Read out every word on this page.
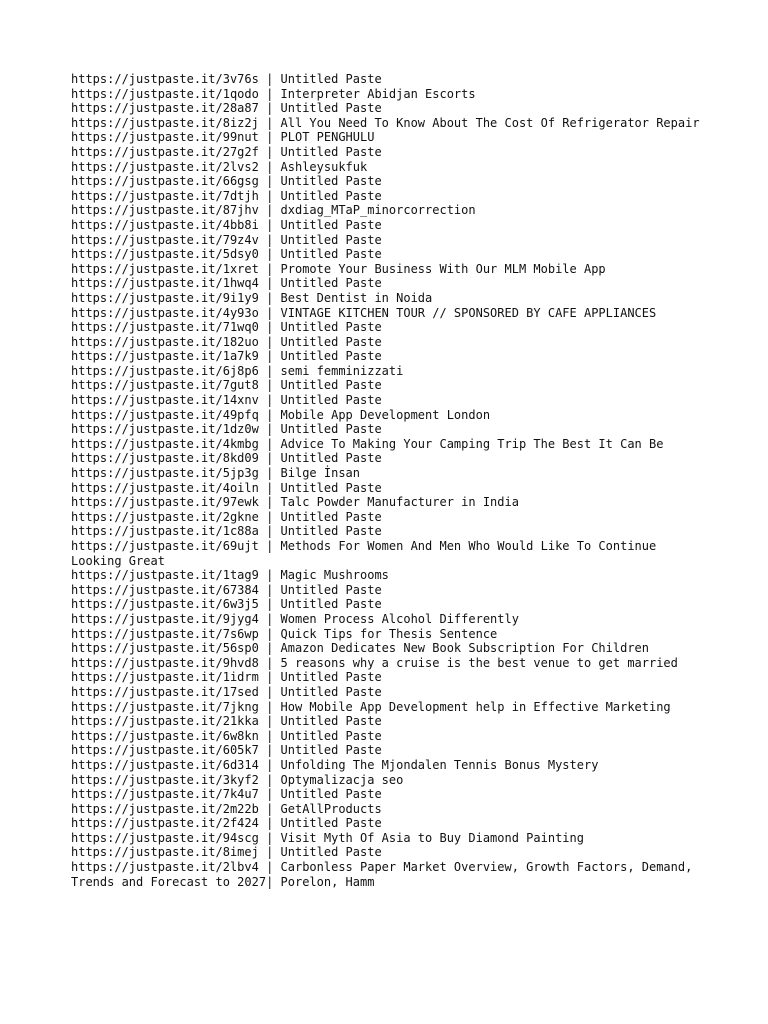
https://justpaste.it/3v76s | Untitled Paste
https://justpaste.it/1qodo | Interpreter Abidjan Escorts
https://justpaste.it/28a87 | Untitled Paste
https://justpaste.it/8iz2j | All You Need To Know About The Cost Of Refrigerator Repair
https://justpaste.it/99nut | PLOT PENGHULU
https://justpaste.it/27g2f | Untitled Paste
https://justpaste.it/2lvs2 | Ashleysukfuk
https://justpaste.it/66gsg | Untitled Paste
https://justpaste.it/7dtjh | Untitled Paste
https://justpaste.it/87jhv | dxdiag_MTaP_minorcorrection
https://justpaste.it/4bb8i | Untitled Paste
https://justpaste.it/79z4v | Untitled Paste
https://justpaste.it/5dsy0 | Untitled Paste
https://justpaste.it/1xret | Promote Your Business With Our MLM Mobile App
https://justpaste.it/1hwq4 | Untitled Paste
https://justpaste.it/9i1y9 | Best Dentist in Noida
https://justpaste.it/4y93o | VINTAGE KITCHEN TOUR // SPONSORED BY CAFE APPLIANCES
https://justpaste.it/71wq0 | Untitled Paste
https://justpaste.it/182uo | Untitled Paste
https://justpaste.it/1a7k9 | Untitled Paste
https://justpaste.it/6j8p6 | semi femminizzati
https://justpaste.it/7gut8 | Untitled Paste
https://justpaste.it/14xnv | Untitled Paste
https://justpaste.it/49pfq | Mobile App Development London
https://justpaste.it/1dz0w | Untitled Paste
https://justpaste.it/4kmbg | Advice To Making Your Camping Trip The Best It Can Be
https://justpaste.it/8kd09 | Untitled Paste
https://justpaste.it/5jp3g | Bilge İnsan
https://justpaste.it/4oiln | Untitled Paste
https://justpaste.it/97ewk | Talc Powder Manufacturer in India
https://justpaste.it/2gkne | Untitled Paste
https://justpaste.it/1c88a | Untitled Paste
https://justpaste.it/69ujt | Methods For Women And Men Who Would Like To Continue Looking Great
https://justpaste.it/1tag9 | Magic Mushrooms
https://justpaste.it/67384 | Untitled Paste
https://justpaste.it/6w3j5 | Untitled Paste
https://justpaste.it/9jyg4 | Women Process Alcohol Differently
https://justpaste.it/7s6wp | Quick Tips for Thesis Sentence
https://justpaste.it/56sp0 | Amazon Dedicates New Book Subscription For Children
https://justpaste.it/9hvd8 | 5 reasons why a cruise is the best venue to get married
https://justpaste.it/1idrm | Untitled Paste
https://justpaste.it/17sed | Untitled Paste
https://justpaste.it/7jkng | How Mobile App Development help in Effective Marketing
https://justpaste.it/21kka | Untitled Paste
https://justpaste.it/6w8kn | Untitled Paste
https://justpaste.it/605k7 | Untitled Paste
https://justpaste.it/6d314 | Unfolding The Mjondalen Tennis Bonus Mystery
https://justpaste.it/3kyf2 | Optymalizacja seo
https://justpaste.it/7k4u7 | Untitled Paste
https://justpaste.it/2m22b | GetAllProducts
https://justpaste.it/2f424 | Untitled Paste
https://justpaste.it/94scg | Visit Myth Of Asia to Buy Diamond Painting
https://justpaste.it/8imej | Untitled Paste
https://justpaste.it/2lbv4 | Carbonless Paper Market Overview, Growth Factors, Demand, Trends and Forecast to 2027| Porelon, Hamm
